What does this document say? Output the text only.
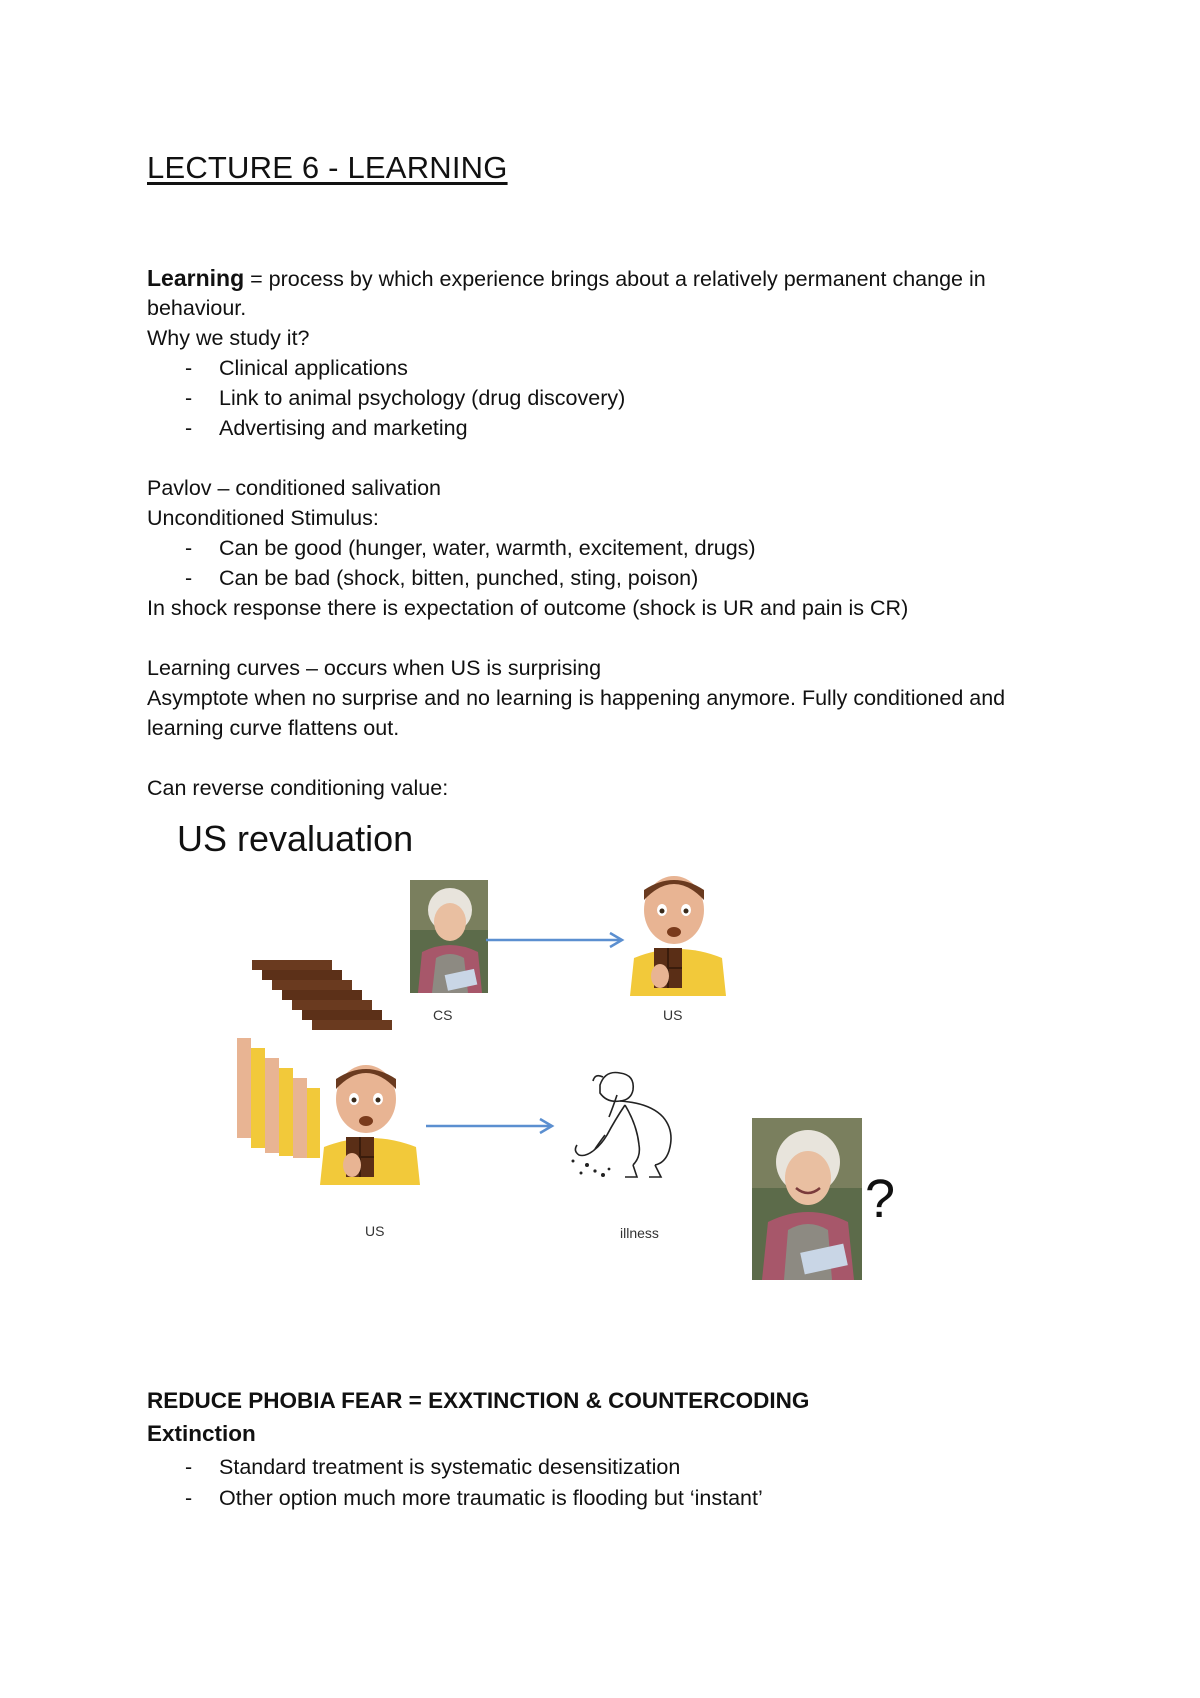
LECTURE 6 - LEARNING
Learning = process by which experience brings about a relatively permanent change in
behaviour.
Why we study it?
- Clinical applications
- Link to animal psychology (drug discovery)
- Advertising and marketing
Pavlov – conditioned salivation
Unconditioned Stimulus:
- Can be good (hunger, water, warmth, excitement, drugs)
- Can be bad (shock, bitten, punched, sting, poison)
In shock response there is expectation of outcome (shock is UR and pain is CR)
Learning curves – occurs when US is surprising
Asymptote when no surprise and no learning is happening anymore. Fully conditioned and
learning curve flattens out.
Can reverse conditioning value:
US revaluation
CS	US
US	illness
?
REDUCE PHOBIA FEAR = EXXTINCTION & COUNTERCODING
Extinction
- Standard treatment is systematic desensitization
- Other option much more traumatic is flooding but ‘instant’
